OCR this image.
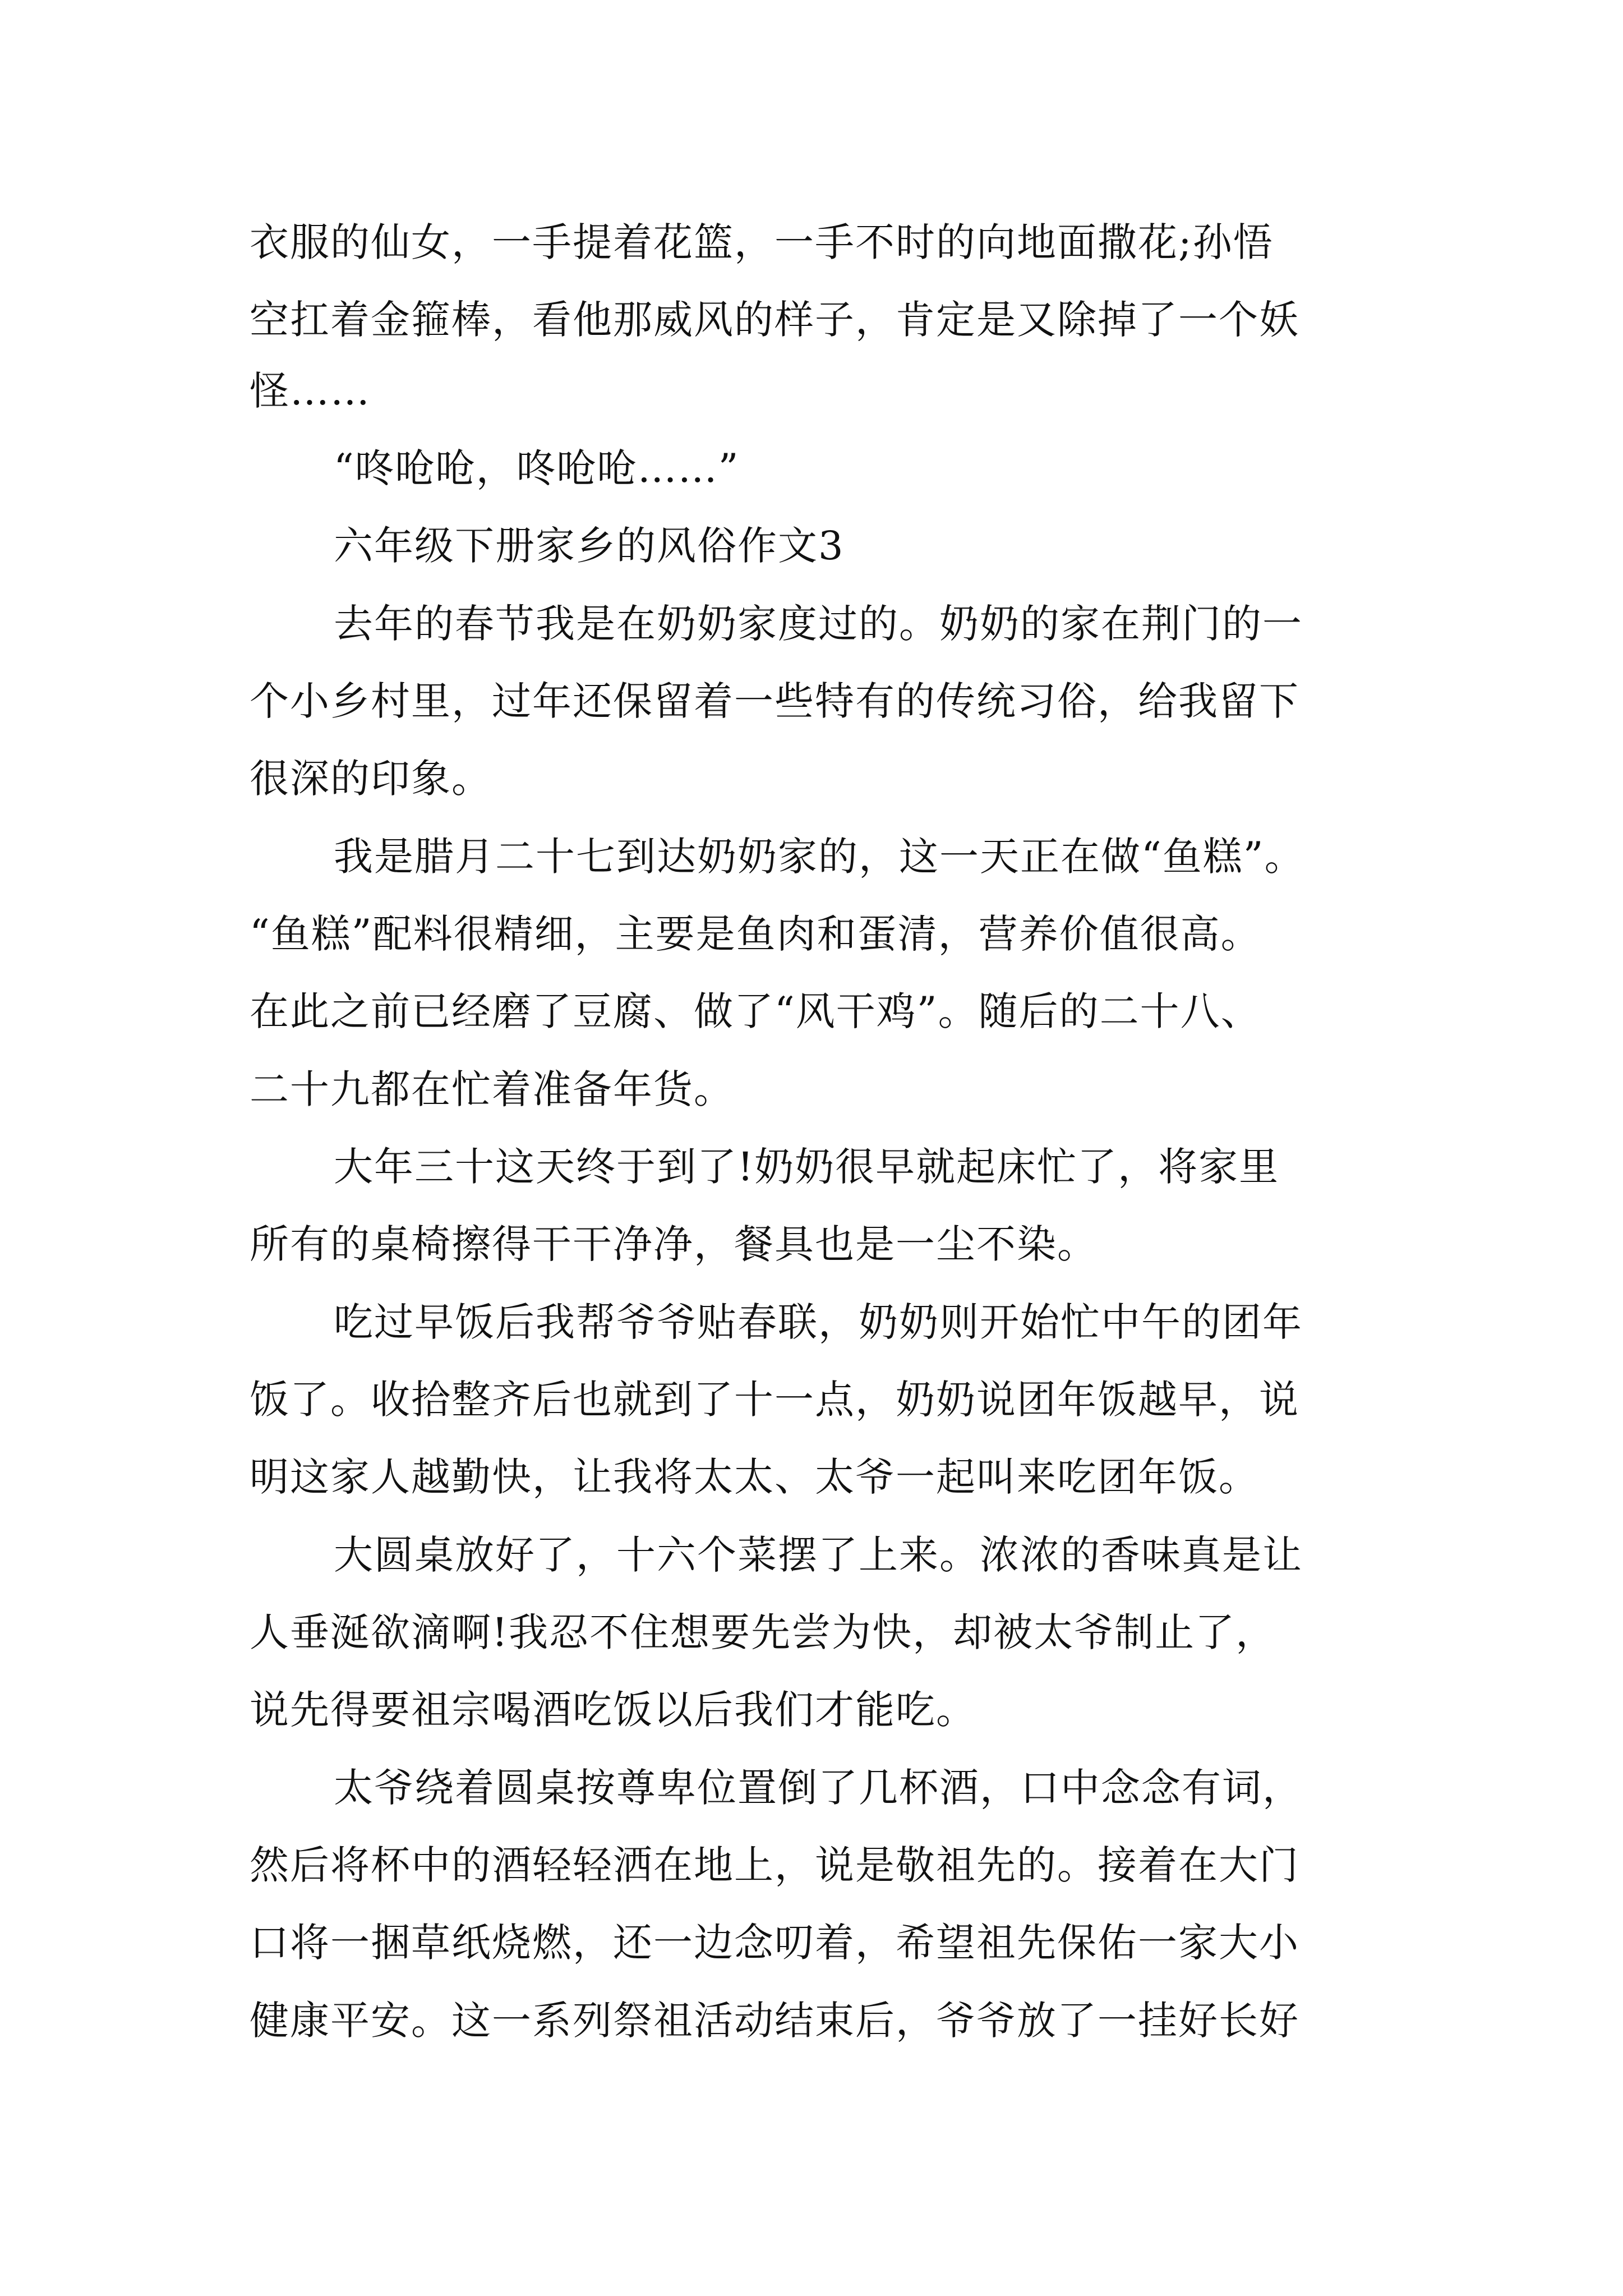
衣服的仙女，一手提着花篮，一手不时的向地面撒花;孙悟

空扛着金箍棒，看他那威风的样子，肯定是又除掉了一个妖

怪……

“咚呛呛，咚呛呛……”

六年级下册家乡的风俗作文3

去年的春节我是在奶奶家度过的。奶奶的家在荆门的一

个小乡村里，过年还保留着一些特有的传统习俗，给我留下

很深的印象。

我是腊月二十七到达奶奶家的，这一天正在做“鱼糕”。

“鱼糕”配料很精细，主要是鱼肉和蛋清，营养价值很高。

在此之前已经磨了豆腐、做了“风干鸡”。随后的二十八、

二十九都在忙着准备年货。

大年三十这天终于到了!奶奶很早就起床忙了，将家里

所有的桌椅擦得干干净净，餐具也是一尘不染。

吃过早饭后我帮爷爷贴春联，奶奶则开始忙中午的团年

饭了。收拾整齐后也就到了十一点，奶奶说团年饭越早，说

明这家人越勤快，让我将太太、太爷一起叫来吃团年饭。

大圆桌放好了，十六个菜摆了上来。浓浓的香味真是让

人垂涎欲滴啊!我忍不住想要先尝为快，却被太爷制止了，

说先得要祖宗喝酒吃饭以后我们才能吃。

太爷绕着圆桌按尊卑位置倒了几杯酒，口中念念有词，

然后将杯中的酒轻轻洒在地上，说是敬祖先的。接着在大门

口将一捆草纸烧燃，还一边念叨着，希望祖先保佑一家大小

健康平安。这一系列祭祖活动结束后，爷爷放了一挂好长好
